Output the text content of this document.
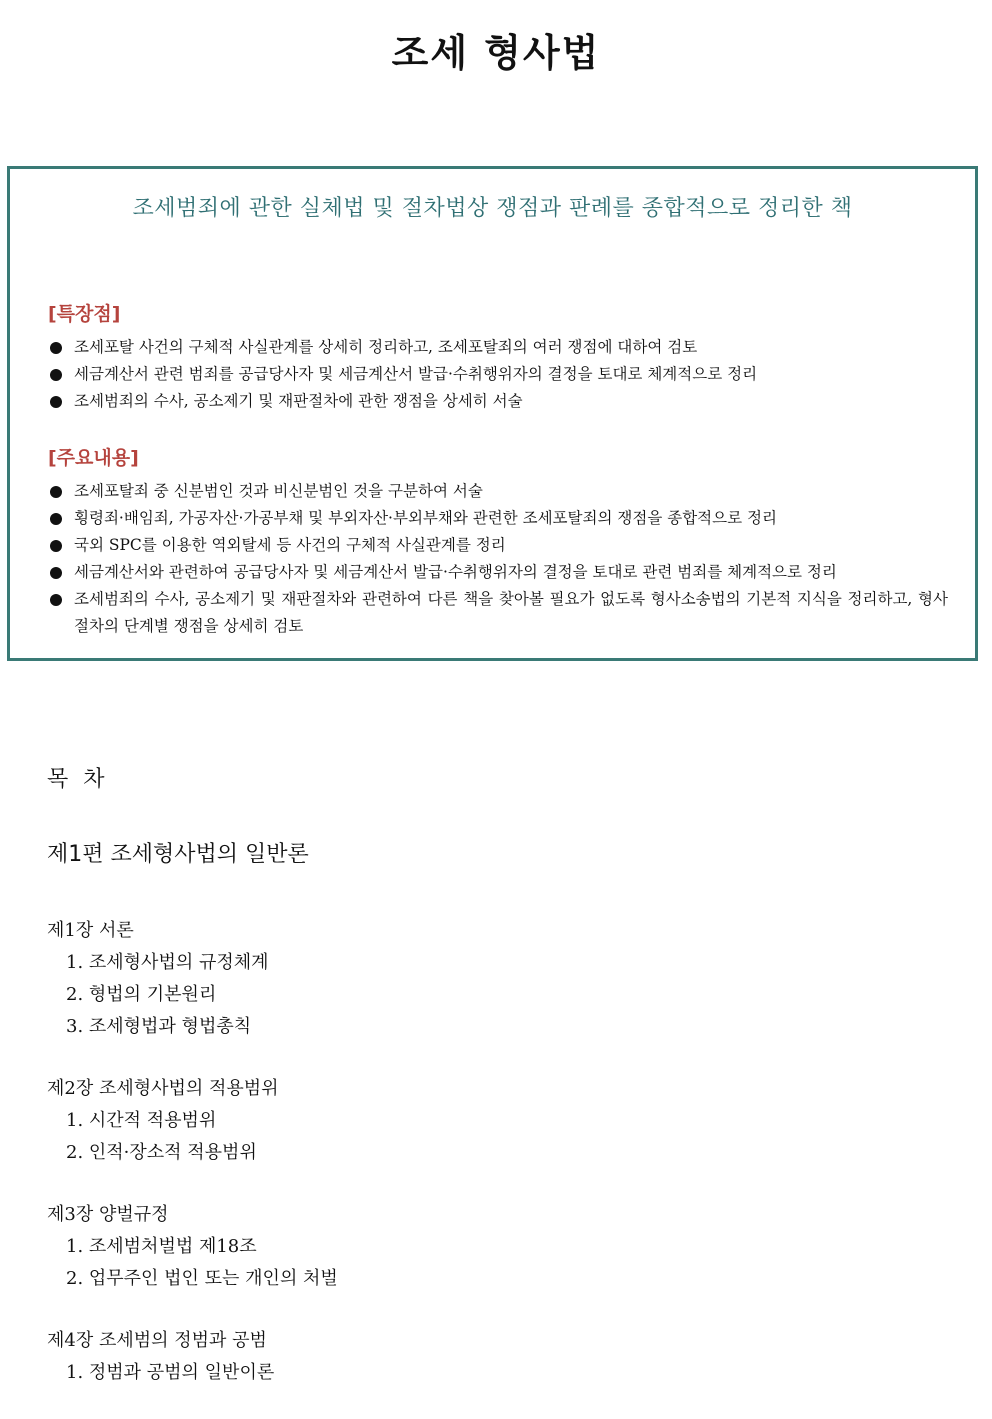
조세 형사법

조세범죄에 관한 실체법 및 절차법상 쟁점과 판례를 종합적으로 정리한 책

[특장점]

조세포탈 사건의 구체적 사실관계를 상세히 정리하고, 조세포탈죄의 여러 쟁점에 대하여 검토
세금계산서 관련 범죄를 공급당사자 및 세금계산서 발급·수취행위자의 결정을 토대로 체계적으로 정리
조세범죄의 수사, 공소제기 및 재판절차에 관한 쟁점을 상세히 서술

[주요내용]

조세포탈죄 중 신분범인 것과 비신분범인 것을 구분하여 서술
횡령죄·배임죄, 가공자산·가공부채 및 부외자산·부외부채와 관련한 조세포탈죄의 쟁점을 종합적으로 정리
국외 SPC를 이용한 역외탈세 등 사건의 구체적 사실관계를 정리
세금계산서와 관련하여 공급당사자 및 세금계산서 발급·수취행위자의 결정을 토대로 관련 범죄를 체계적으로 정리
조세범죄의 수사, 공소제기 및 재판절차와 관련하여 다른 책을 찾아볼 필요가 없도록 형사소송법의 기본적 지식을 정리하고, 형사절차의 단계별 쟁점을 상세히 검토

목 차

제1편 조세형사법의 일반론

제1장 서론

1. 조세형사법의 규정체계

2. 형법의 기본원리

3. 조세형법과 형법총칙

제2장 조세형사법의 적용범위

1. 시간적 적용범위

2. 인적·장소적 적용범위

제3장 양벌규정

1. 조세범처벌법 제18조

2. 업무주인 법인 또는 개인의 처벌

제4장 조세범의 정범과 공범

1. 정범과 공범의 일반이론
